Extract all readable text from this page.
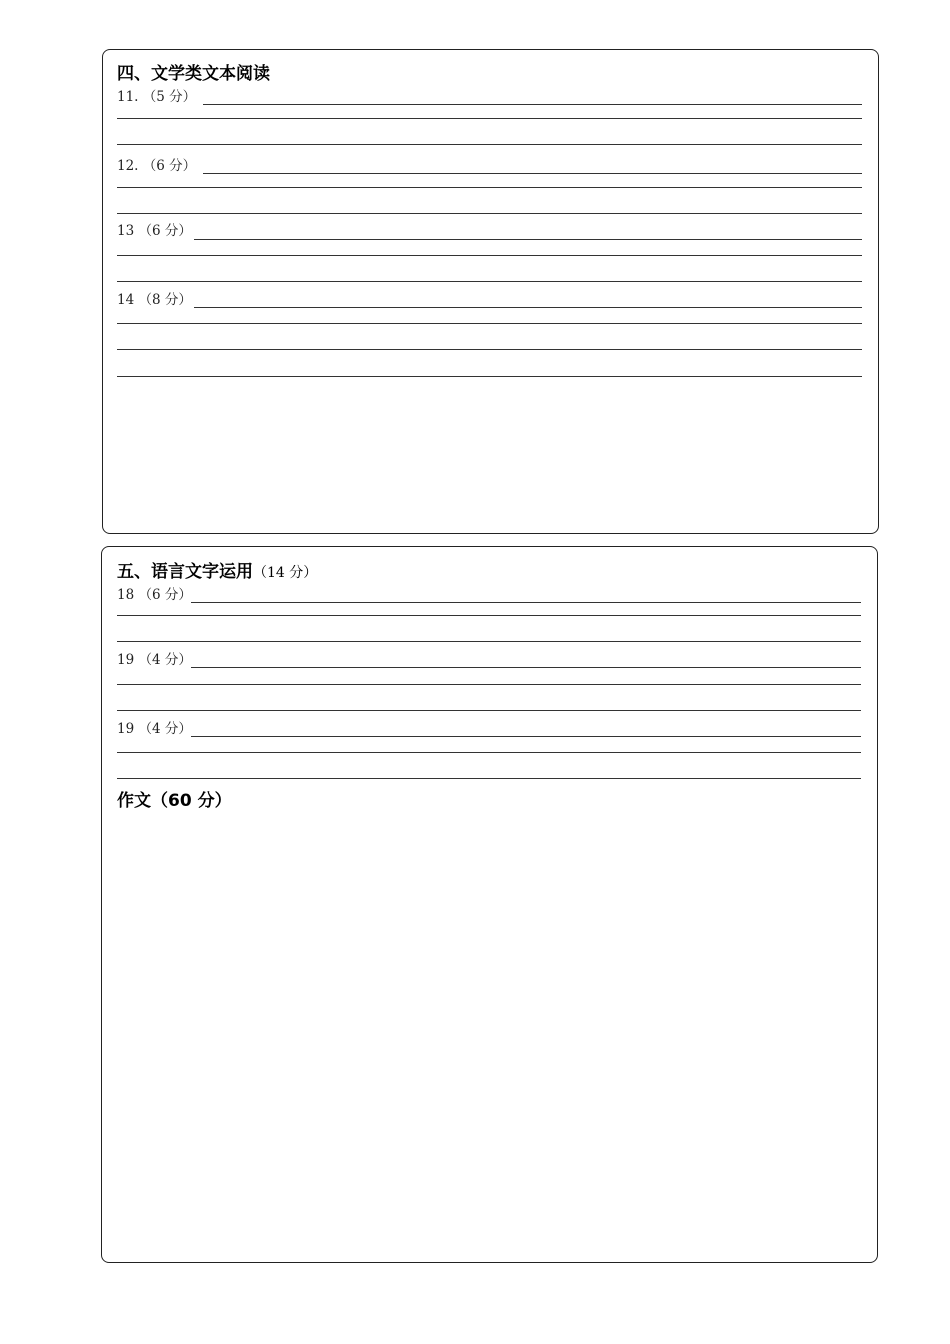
四、文学类文本阅读
11. （5 分）
12. （6 分）
13 （6 分）
14 （8 分）
五、语言文字运用（14 分）
18 （6 分）
19 （4 分）
19 （4 分）
作文（60 分）
